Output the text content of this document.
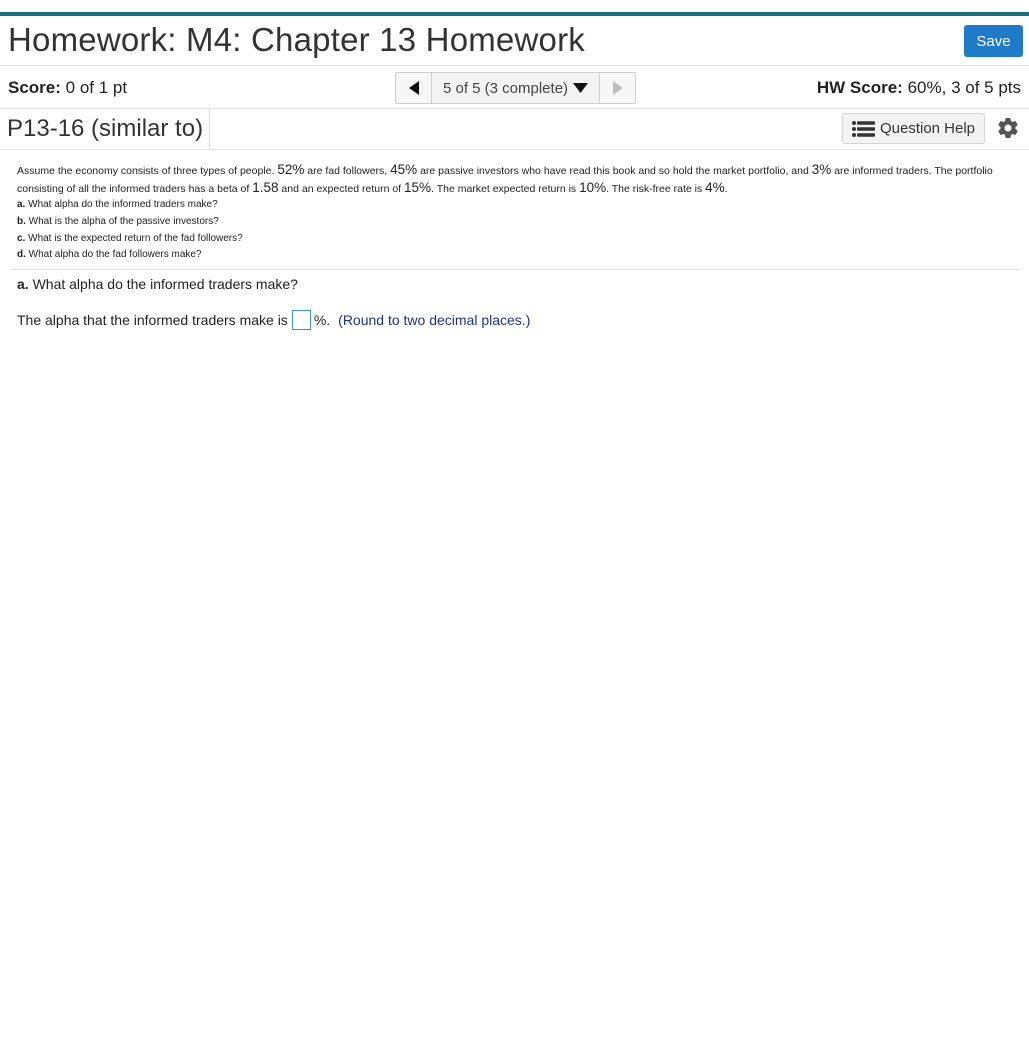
Homework: M4: Chapter 13 Homework	Save
Score: 0 of 1 pt	5 of 5 (3 complete)	HW Score: 60%, 3 of 5 pts
P13-16 (similar to)	Question Help
Assume the economy consists of three types of people. 52% are fad followers, 45% are passive investors who have read this book and so hold the market portfolio, and 3% are informed traders. The portfolio consisting of all the informed traders has a beta of 1.58 and an expected return of 15%. The market expected return is 10%. The risk-free rate is 4%.
a. What alpha do the informed traders make?
b. What is the alpha of the passive investors?
c. What is the expected return of the fad followers?
d. What alpha do the fad followers make?
a. What alpha do the informed traders make?
The alpha that the informed traders make is %. (Round to two decimal places.)
